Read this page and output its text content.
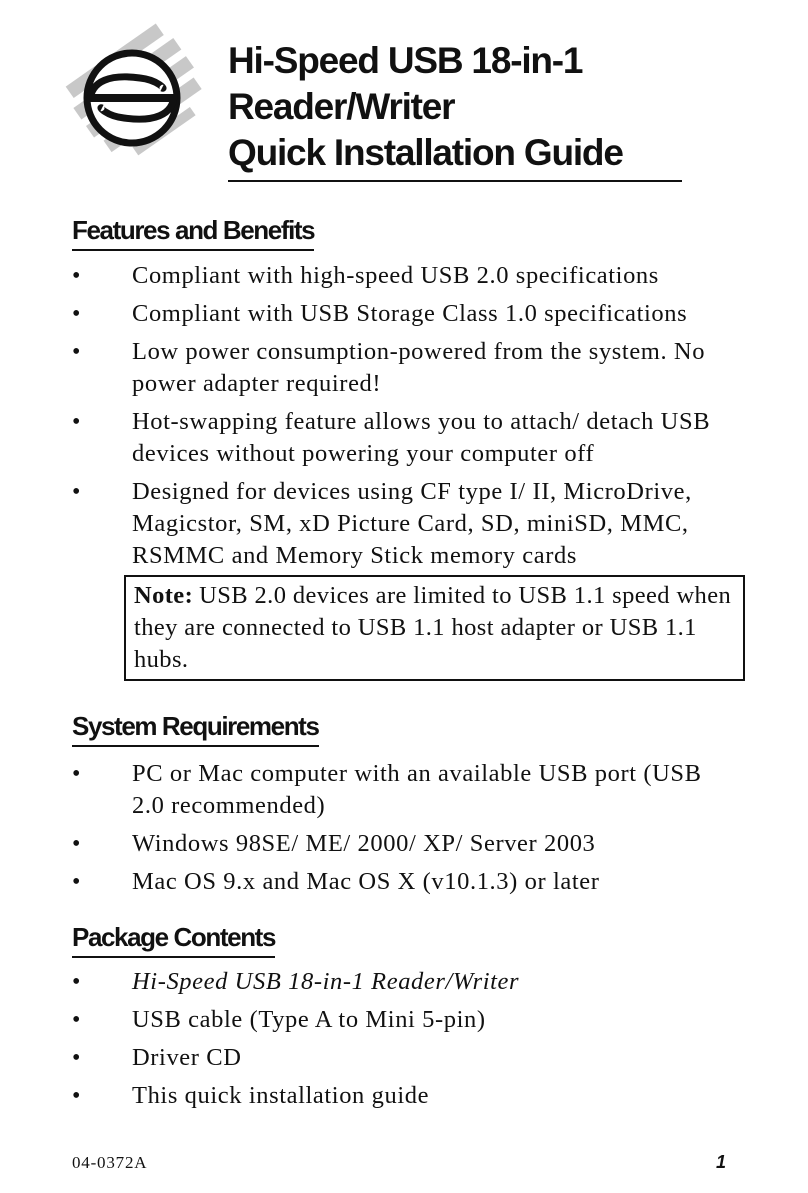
Hi-Speed USB 18-in-1
Reader/Writer
Quick Installation Guide
Features and Benefits
• Compliant with high-speed USB 2.0 specifications
• Compliant with USB Storage Class 1.0 specifications
• Low power consumption-powered from the system. No power adapter required!
• Hot-swapping feature allows you to attach/ detach USB devices without powering your computer off
• Designed for devices using CF type I/ II, MicroDrive, Magicstor, SM, xD Picture Card, SD, miniSD, MMC, RSMMC and Memory Stick memory cards
Note: USB 2.0 devices are limited to USB 1.1 speed when they are connected to USB 1.1 host adapter or USB 1.1 hubs.
System Requirements
• PC or Mac computer with an available USB port (USB 2.0 recommended)
• Windows 98SE/ ME/ 2000/ XP/ Server 2003
• Mac OS 9.x and Mac OS X (v10.1.3) or later
Package Contents
• Hi-Speed USB 18-in-1 Reader/Writer
• USB cable (Type A to Mini 5-pin)
• Driver CD
• This quick installation guide
04-0372A	1
